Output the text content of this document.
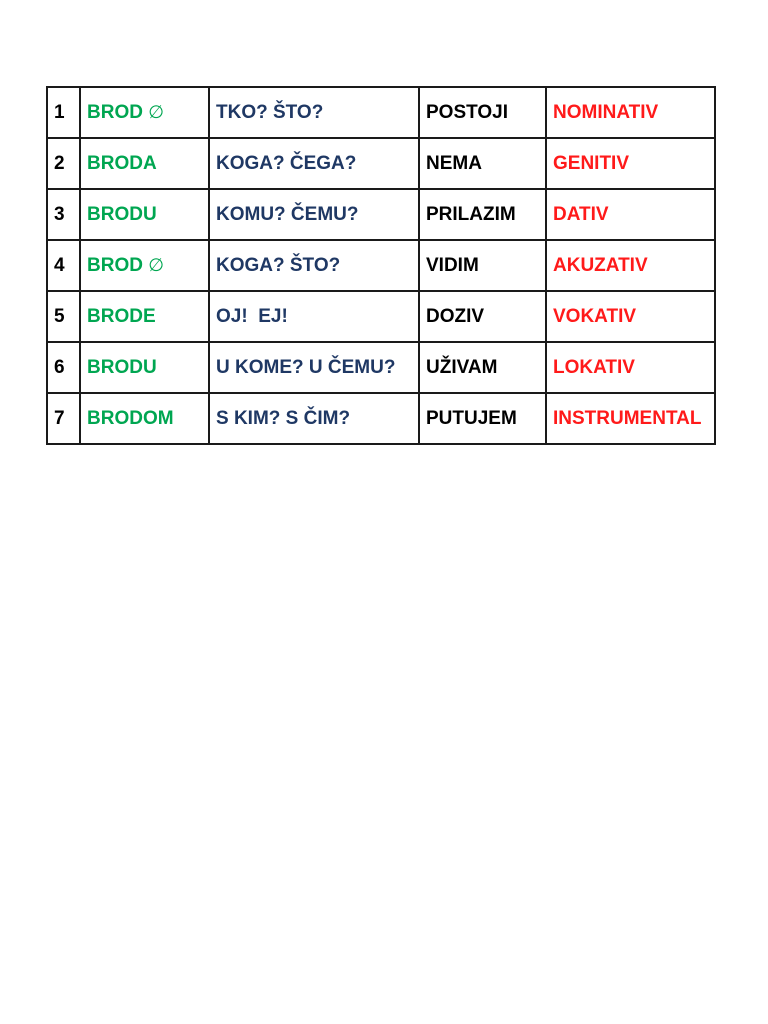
1	BROD ∅	TKO? ŠTO?	POSTOJI	NOMINATIV
2	BRODA	KOGA? ČEGA?	NEMA	GENITIV
3	BRODU	KOMU? ČEMU?	PRILAZIM	DATIV
4	BROD ∅	KOGA? ŠTO?	VIDIM	AKUZATIV
5	BRODE	OJ!  EJ!	DOZIV	VOKATIV
6	BRODU	U KOME? U ČEMU?	UŽIVAM	LOKATIV
7	BRODOM	S KIM? S ČIM?	PUTUJEM	INSTRUMENTAL
